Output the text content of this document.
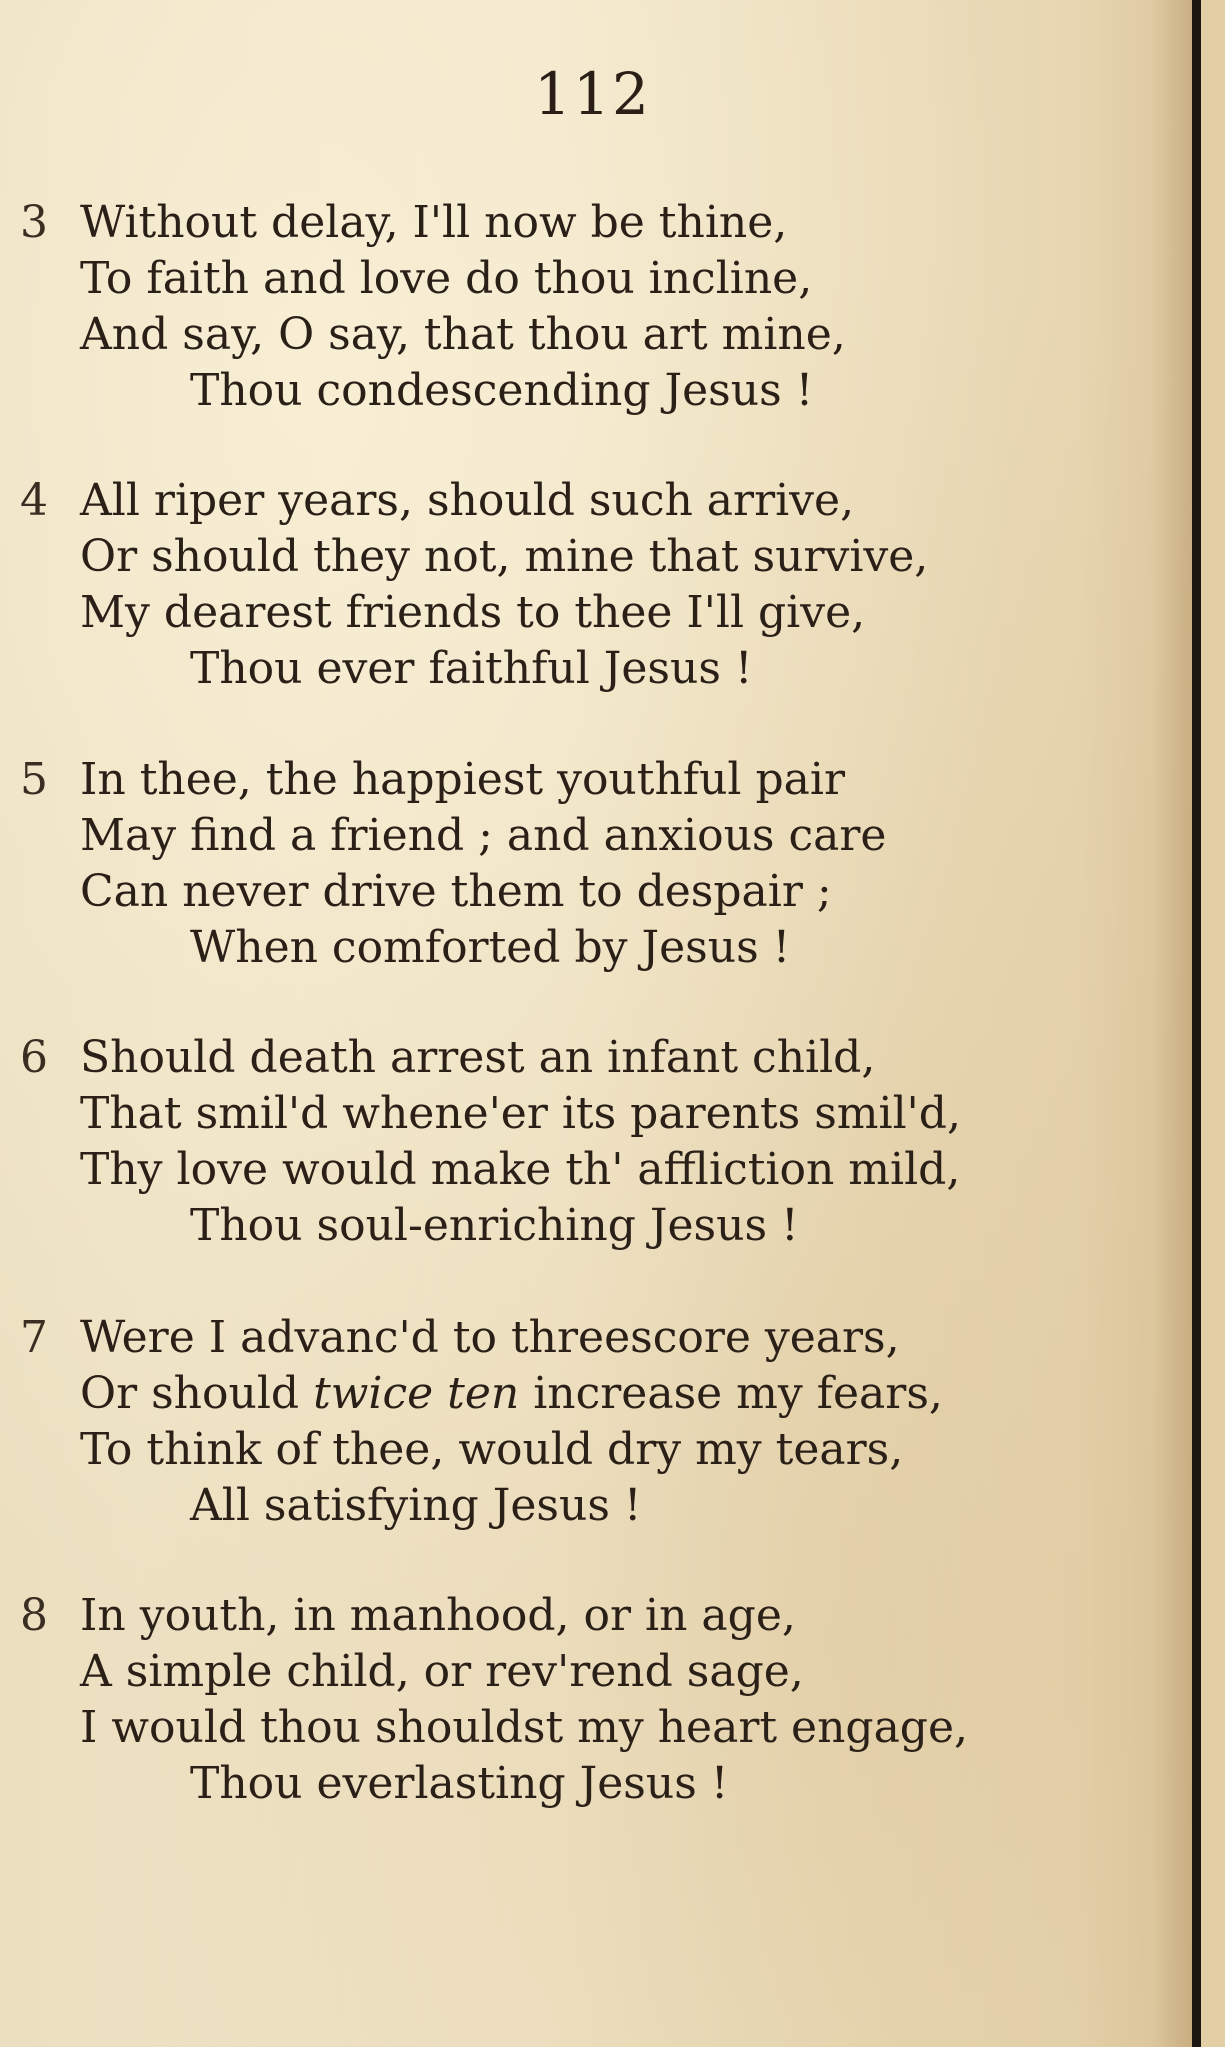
112
3 Without delay, I'll now be thine,
To faith and love do thou incline,
And say, O say, that thou art mine,
Thou condescending Jesus !
4 All riper years, should such arrive,
Or should they not, mine that survive,
My dearest friends to thee I'll give,
Thou ever faithful Jesus !
5 In thee, the happiest youthful pair
May find a friend ; and anxious care
Can never drive them to despair ;
When comforted by Jesus !
6 Should death arrest an infant child,
That smil'd whene'er its parents smil'd,
Thy love would make th' affliction mild,
Thou soul-enriching Jesus !
7 Were I advanc'd to threescore years,
Or should twice ten increase my fears,
To think of thee, would dry my tears,
All satisfying Jesus !
8 In youth, in manhood, or in age,
A simple child, or rev'rend sage,
I would thou shouldst my heart engage,
Thou everlasting Jesus !
